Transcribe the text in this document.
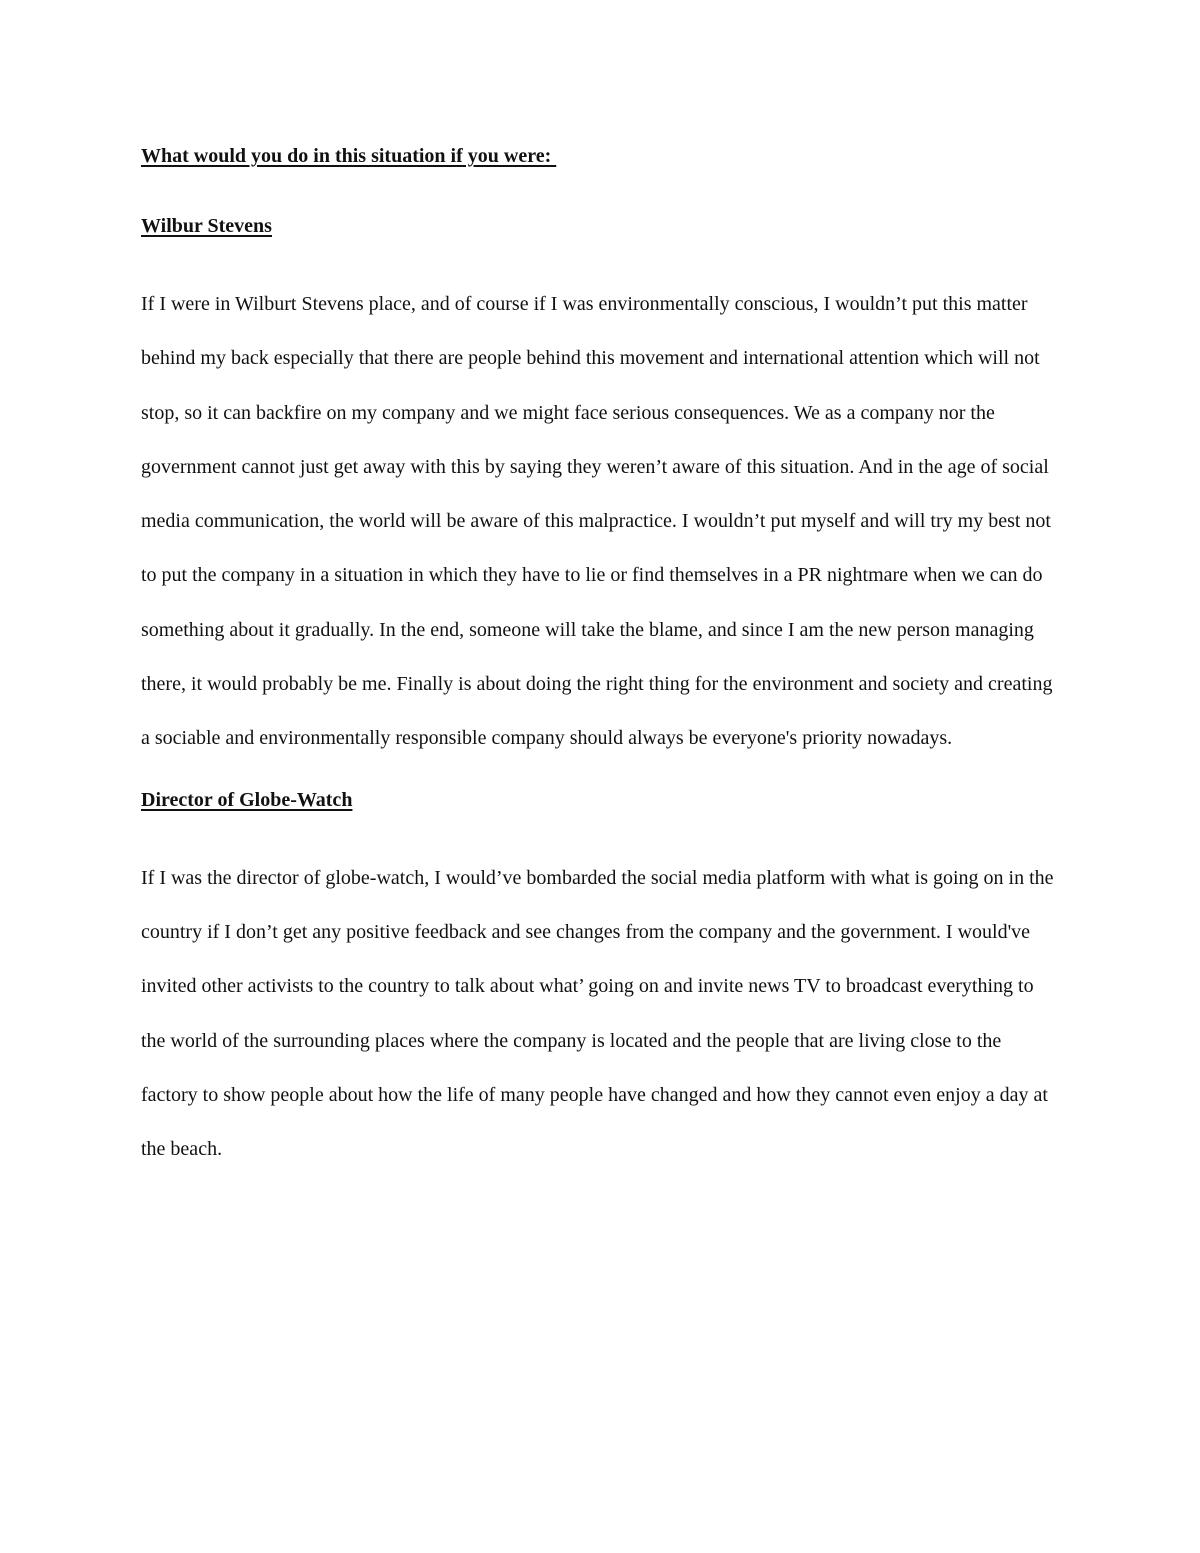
What would you do in this situation if you were:

Wilbur Stevens

If I were in Wilburt Stevens place, and of course if I was environmentally conscious, I wouldn’t put this matter behind my back especially that there are people behind this movement and international attention which will not stop, so it can backfire on my company and we might face serious consequences. We as a company nor the government cannot just get away with this by saying they weren’t aware of this situation. And in the age of social media communication, the world will be aware of this malpractice. I wouldn’t put myself and will try my best not to put the company in a situation in which they have to lie or find themselves in a PR nightmare when we can do something about it gradually. In the end, someone will take the blame, and since I am the new person managing there, it would probably be me. Finally is about doing the right thing for the environment and society and creating a sociable and environmentally responsible company should always be everyone's priority nowadays.

Director of Globe-Watch

If I was the director of globe-watch, I would’ve bombarded the social media platform with what is going on in the country if I don’t get any positive feedback and see changes from the company and the government. I would've invited other activists to the country to talk about what’ going on and invite news TV to broadcast everything to the world of the surrounding places where the company is located and the people that are living close to the factory to show people about how the life of many people have changed and how they cannot even enjoy a day at the beach.
